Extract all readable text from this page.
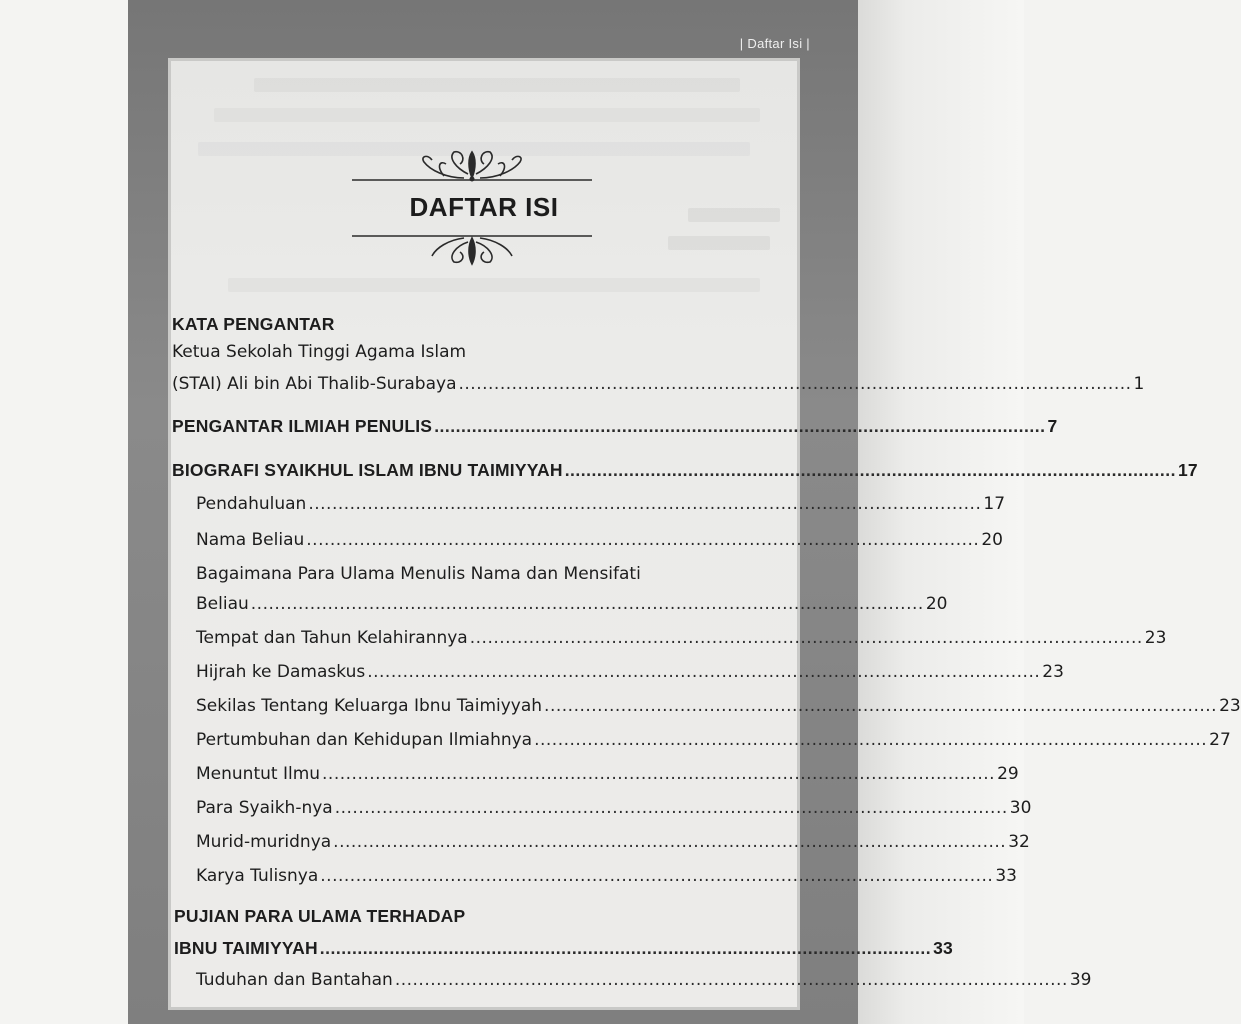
| Daftar Isi |
DAFTAR ISI
KATA PENGANTAR
Ketua Sekolah Tinggi Agama Islam
(STAI) Ali bin Abi Thalib-Surabaya .................................................................................................................. 1
PENGANTAR ILMIAH PENULIS .................................................................................................................. 7
BIOGRAFI SYAIKHUL ISLAM IBNU TAIMIYYAH .................................................................................................................. 17
Pendahuluan .................................................................................................................. 17
Nama Beliau .................................................................................................................. 20
Bagaimana Para Ulama Menulis Nama dan Mensifati
Beliau .................................................................................................................. 20
Tempat dan Tahun Kelahirannya .................................................................................................................. 23
Hijrah ke Damaskus .................................................................................................................. 23
Sekilas Tentang Keluarga Ibnu Taimiyyah .................................................................................................................. 23
Pertumbuhan dan Kehidupan Ilmiahnya .................................................................................................................. 27
Menuntut Ilmu .................................................................................................................. 29
Para Syaikh-nya .................................................................................................................. 30
Murid-muridnya .................................................................................................................. 32
Karya Tulisnya .................................................................................................................. 33
PUJIAN PARA ULAMA TERHADAP
IBNU TAIMIYYAH .................................................................................................................. 33
Tuduhan dan Bantahan .................................................................................................................. 39
